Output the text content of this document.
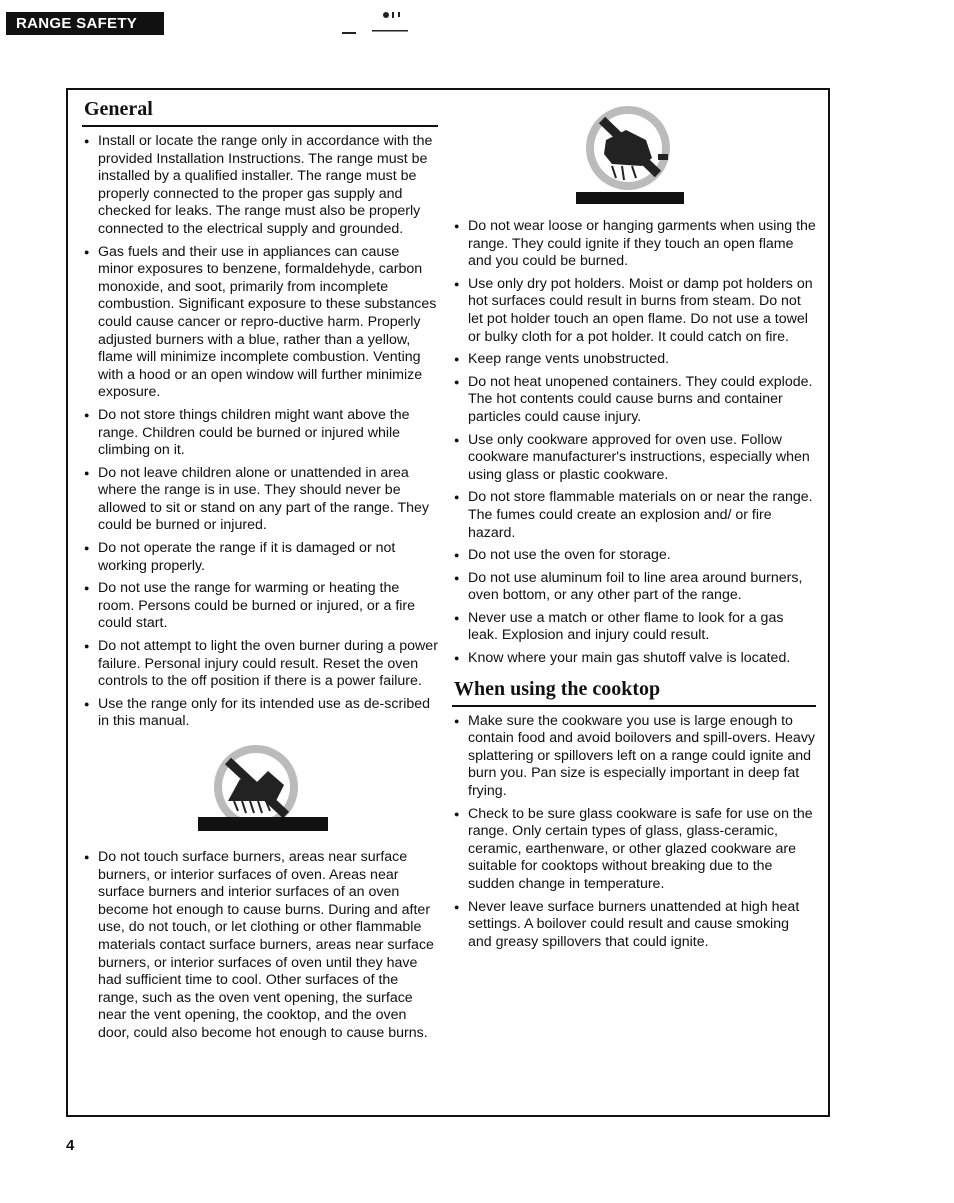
RANGE SAFETY
General
● Install or locate the range only in accordance with the provided Installation Instructions. The range must be installed by a qualified installer. The range must be properly connected to the proper gas supply and checked for leaks. The range must also be properly connected to the electrical supply and grounded.
● Gas fuels and their use in appliances can cause minor exposures to benzene, formaldehyde, carbon monoxide, and soot, primarily from incomplete combustion. Significant exposure to these substances could cause cancer or repro-ductive harm. Properly adjusted burners with a blue, rather than a yellow, flame will minimize incomplete combustion. Venting with a hood or an open window will further minimize exposure.
● Do not store things children might want above the range. Children could be burned or injured while climbing on it.
● Do not leave children alone or unattended in area where the range is in use. They should never be allowed to sit or stand on any part of the range. They could be burned or injured.
● Do not operate the range if it is damaged or not working properly.
● Do not use the range for warming or heating the room. Persons could be burned or injured, or a fire could start.
● Do not attempt to light the oven burner during a power failure. Personal injury could result. Reset the oven controls to the off position if there is a power failure.
● Use the range only for its intended use as de-scribed in this manual.
● Do not touch surface burners, areas near surface burners, or interior surfaces of oven. Areas near surface burners and interior surfaces of an oven become hot enough to cause burns. During and after use, do not touch, or let clothing or other flammable materials contact surface burners, areas near surface burners, or interior surfaces of oven until they have had sufficient time to cool. Other surfaces of the range, such as the oven vent opening, the surface near the vent opening, the cooktop, and the oven door, could also become hot enough to cause burns.
● Do not wear loose or hanging garments when using the range. They could ignite if they touch an open flame and you could be burned.
● Use only dry pot holders. Moist or damp pot holders on hot surfaces could result in burns from steam. Do not let pot holder touch an open flame. Do not use a towel or bulky cloth for a pot holder. It could catch on fire.
● Keep range vents unobstructed.
● Do not heat unopened containers. They could explode. The hot contents could cause burns and container particles could cause injury.
● Use only cookware approved for oven use. Follow cookware manufacturer's instructions, especially when using glass or plastic cookware.
● Do not store flammable materials on or near the range. The fumes could create an explosion and/ or fire hazard.
● Do not use the oven for storage.
● Do not use aluminum foil to line area around burners, oven bottom, or any other part of the range.
● Never use a match or other flame to look for a gas leak. Explosion and injury could result.
● Know where your main gas shutoff valve is located.
When using the cooktop
● Make sure the cookware you use is large enough to contain food and avoid boilovers and spill-overs. Heavy splattering or spillovers left on a range could ignite and burn you. Pan size is especially important in deep fat frying.
● Check to be sure glass cookware is safe for use on the range. Only certain types of glass, glass-ceramic, ceramic, earthenware, or other glazed cookware are suitable for cooktops without breaking due to the sudden change in temperature.
● Never leave surface burners unattended at high heat settings. A boilover could result and cause smoking and greasy spillovers that could ignite.
4
